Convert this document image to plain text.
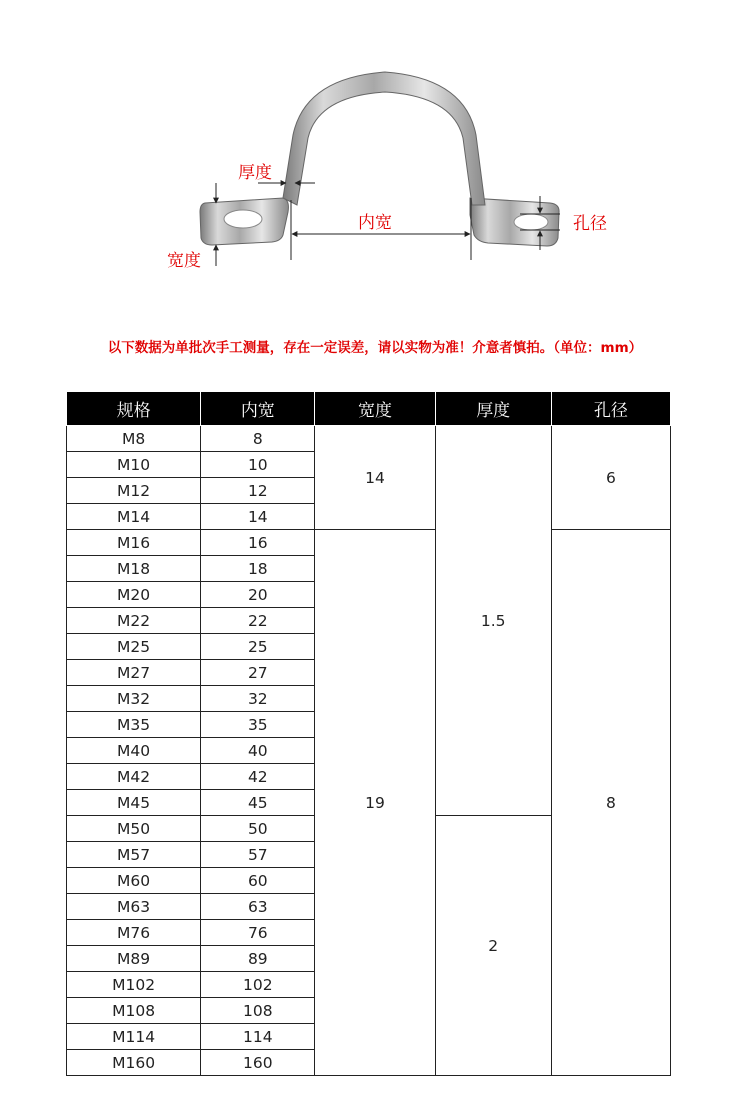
厚度
内宽
宽度
孔径
以下数据为单批次手工测量，存在一定误差，请以实物为准！介意者慎拍。（单位：mm）
规格	内宽	宽度	厚度	孔径
M8	8	14	1.5	6
M10	10			
M12	12			
M14	14			
M16	16	19		8
M18	18			
M20	20			
M22	22			
M25	25			
M27	27			
M32	32			
M35	35			
M40	40			
M42	42			
M45	45			
M50	50		2	
M57	57			
M60	60			
M63	63			
M76	76			
M89	89			
M102	102			
M108	108			
M114	114			
M160	160			
